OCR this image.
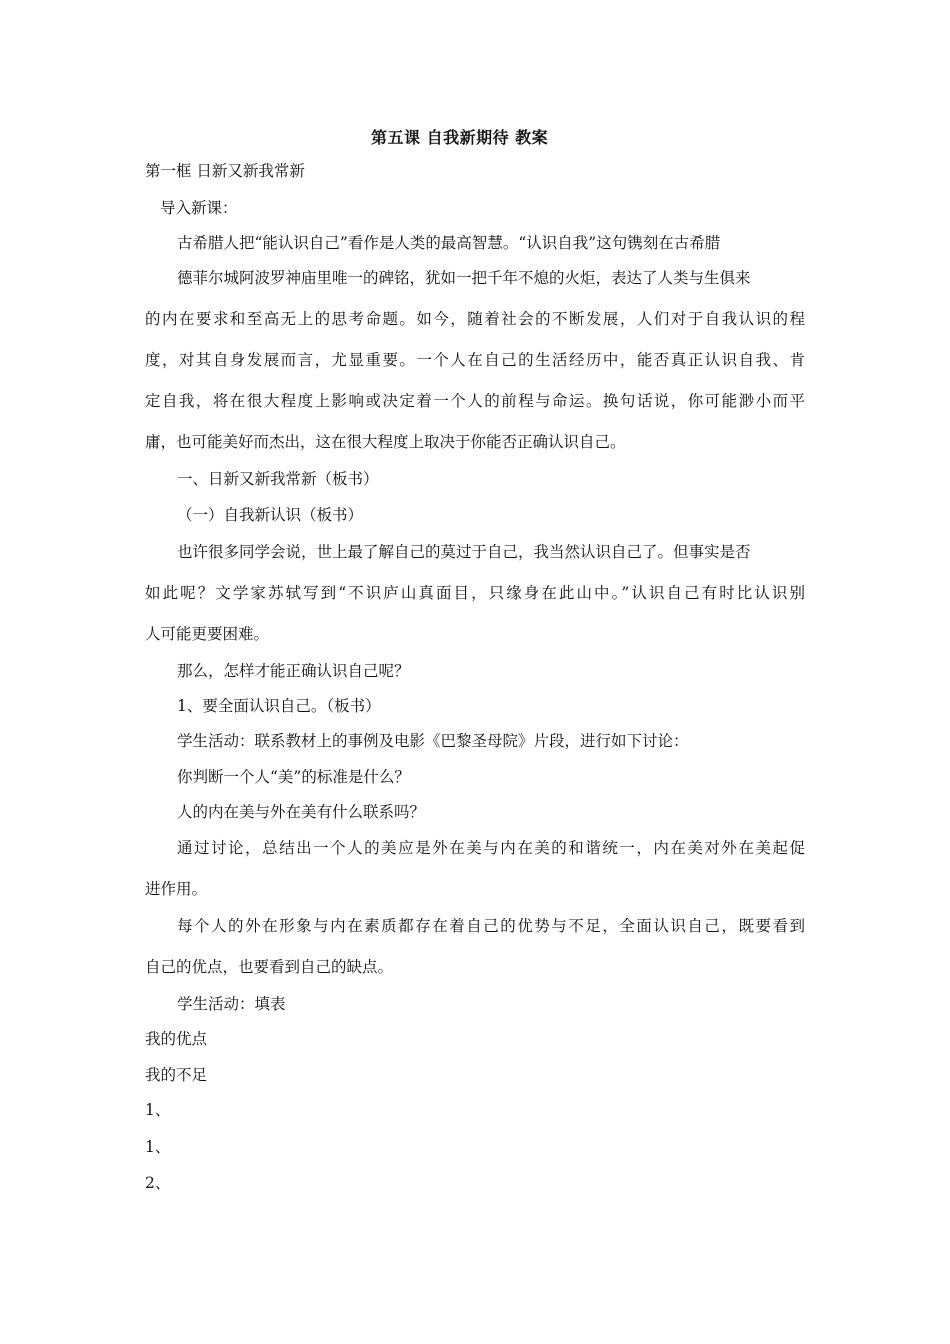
第五课 自我新期待 教案
第一框 日新又新我常新
导入新课：
古希腊人把“能认识自己”看作是人类的最高智慧。“认识自我”这句镌刻在古希腊
德菲尔城阿波罗神庙里唯一的碑铭，犹如一把千年不熄的火炬，表达了人类与生俱来
的内在要求和至高无上的思考命题。如今，随着社会的不断发展，人们对于自我认识的程
度，对其自身发展而言，尤显重要。一个人在自己的生活经历中，能否真正认识自我、肯
定自我，将在很大程度上影响或决定着一个人的前程与命运。换句话说，你可能渺小而平
庸，也可能美好而杰出，这在很大程度上取决于你能否正确认识自己。
一、日新又新我常新（板书）
（一）自我新认识（板书）
也许很多同学会说，世上最了解自己的莫过于自己，我当然认识自己了。但事实是否
如此呢？文学家苏轼写到“不识庐山真面目，只缘身在此山中。”认识自己有时比认识别
人可能更要困难。
那么，怎样才能正确认识自己呢？
1、要全面认识自己。（板书）
学生活动：联系教材上的事例及电影《巴黎圣母院》片段，进行如下讨论：
你判断一个人“美”的标准是什么？
人的内在美与外在美有什么联系吗？
通过讨论，总结出一个人的美应是外在美与内在美的和谐统一，内在美对外在美起促
进作用。
每个人的外在形象与内在素质都存在着自己的优势与不足，全面认识自己，既要看到
自己的优点，也要看到自己的缺点。
学生活动：填表
我的优点
我的不足
1、
1、
2、
